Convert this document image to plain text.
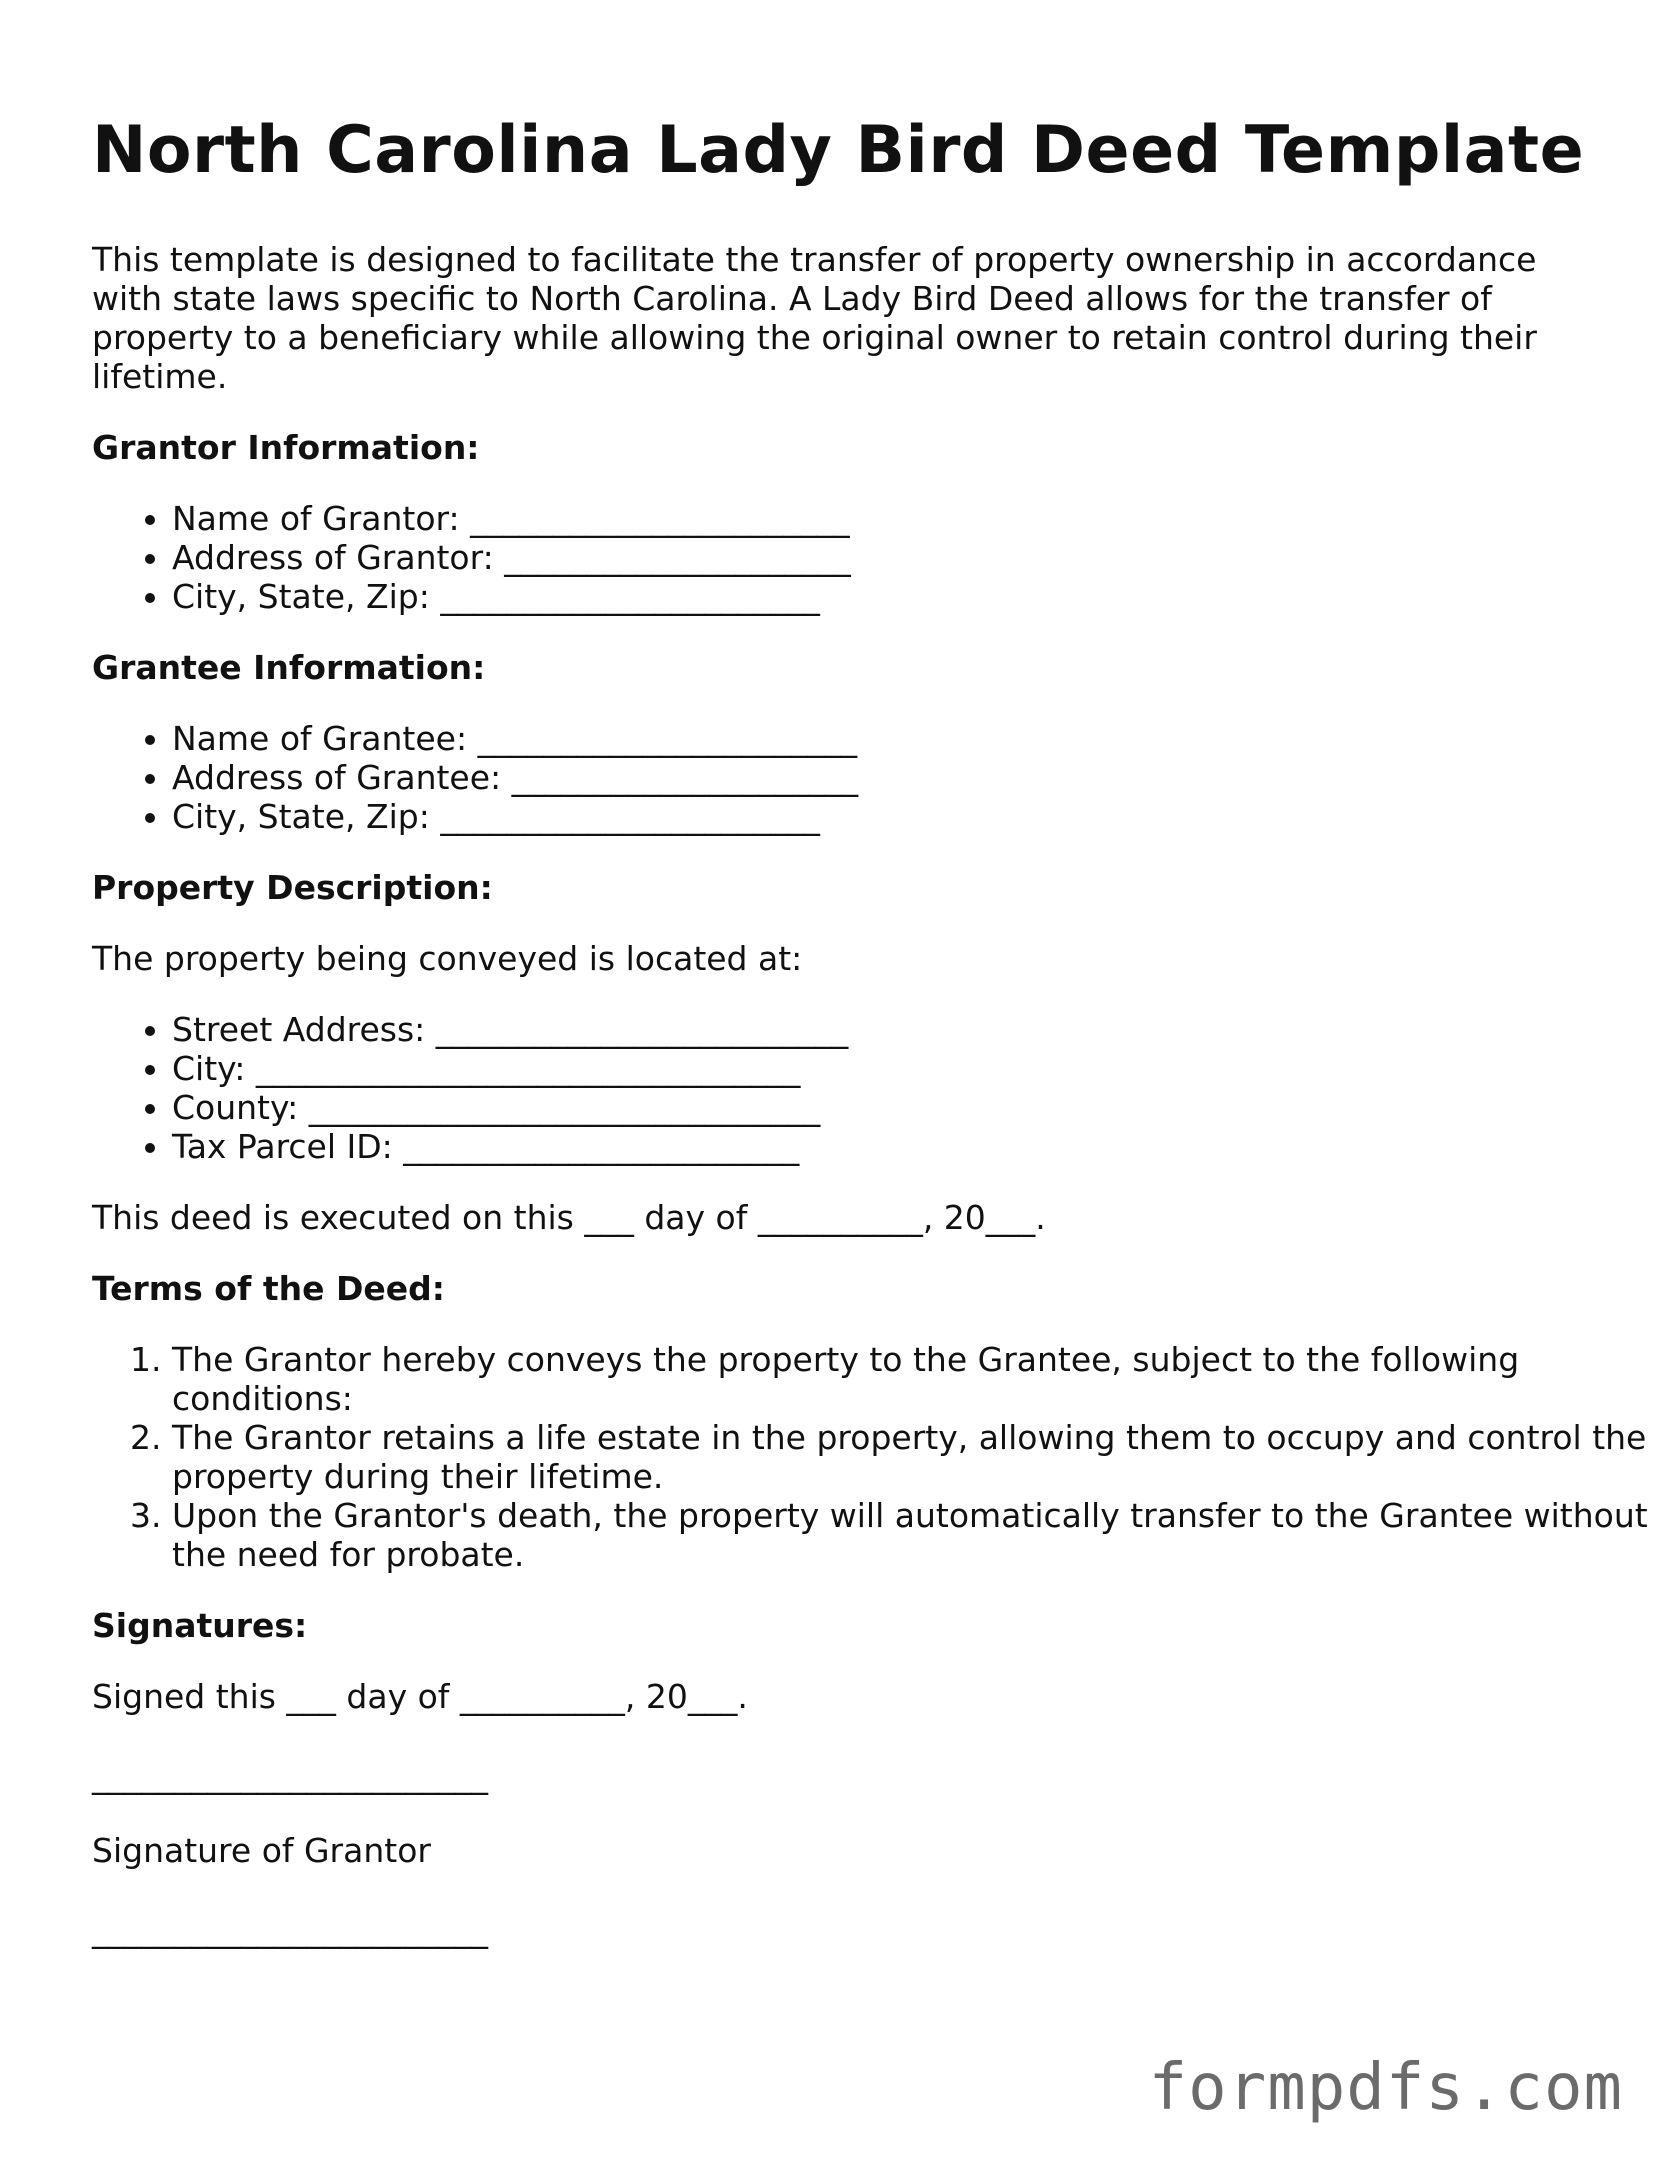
North Carolina Lady Bird Deed Template

This template is designed to facilitate the transfer of property ownership in accordance with state laws specific to North Carolina. A Lady Bird Deed allows for the transfer of property to a beneficiary while allowing the original owner to retain control during their lifetime.

Grantor Information:
• Name of Grantor: _______________________
• Address of Grantor: _____________________
• City, State, Zip: _______________________
Grantee Information:
• Name of Grantee: _______________________
• Address of Grantee: _____________________
• City, State, Zip: _______________________
Property Description:

The property being conveyed is located at:

• Street Address: _________________________
• City: _________________________________
• County: _______________________________
• Tax Parcel ID: ________________________

This deed is executed on this ___ day of __________, 20___.

Terms of the Deed:
1. The Grantor hereby conveys the property to the Grantee, subject to the following conditions:
2. The Grantor retains a life estate in the property, allowing them to occupy and control the property during their lifetime.
3. Upon the Grantor's death, the property will automatically transfer to the Grantee without the need for probate.
Signatures:

Signed this ___ day of __________, 20___.

________________________

Signature of Grantor

________________________
formpdfs.com
